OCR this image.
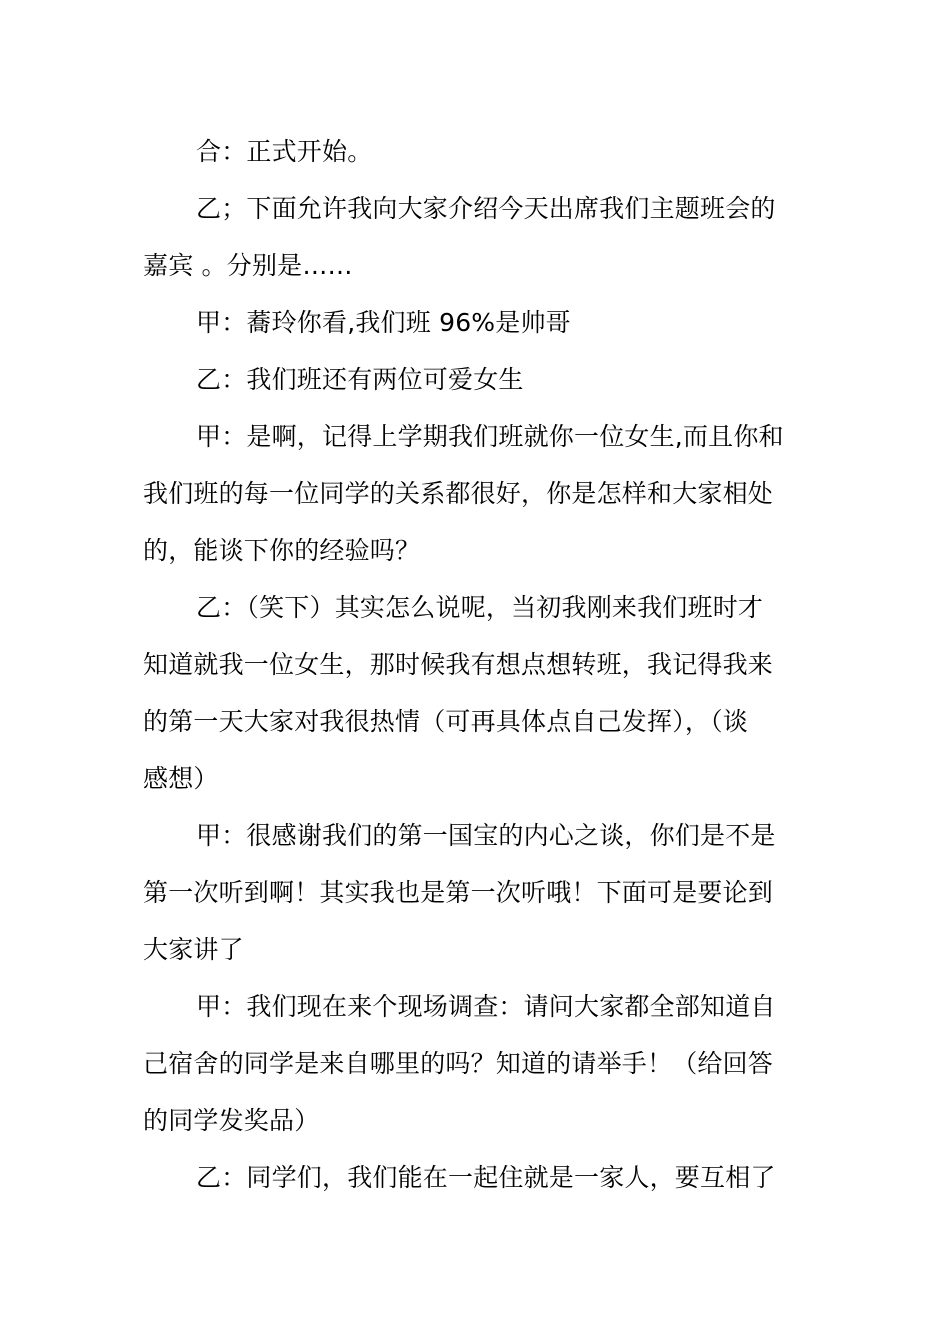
合：正式开始。
乙；下面允许我向大家介绍今天出席我们主题班会的
嘉宾 。分别是……
甲：蕎玲你看,我们班 96%是帅哥
乙：我们班还有两位可爱女生
甲：是啊，记得上学期我们班就你一位女生,而且你和
我们班的每一位同学的关系都很好，你是怎样和大家相处
的，能谈下你的经验吗？
乙：（笑下）其实怎么说呢，当初我刚来我们班时才
知道就我一位女生，那时候我有想点想转班，我记得我来
的第一天大家对我很热情（可再具体点自己发挥），（谈
感想）
甲：很感谢我们的第一国宝的内心之谈，你们是不是
第一次听到啊！其实我也是第一次听哦！下面可是要论到
大家讲了
甲：我们现在来个现场调查：请问大家都全部知道自
己宿舍的同学是来自哪里的吗？知道的请举手！（给回答
的同学发奖品）
乙：同学们，我们能在一起住就是一家人，要互相了
